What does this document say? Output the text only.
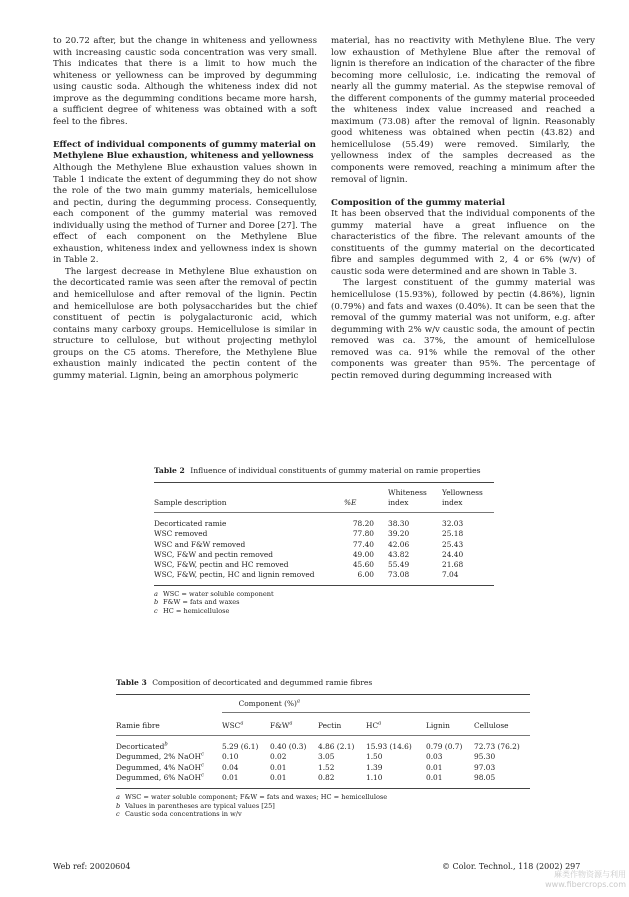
to 20.72 after, but the change in whiteness and yellowness with increasing caustic soda concentration was very small. This indicates that there is a limit to how much the whiteness or yellowness can be improved by degumming using caustic soda. Although the whiteness index did not improve as the degumming conditions became more harsh, a sufficient degree of whiteness was obtained with a soft feel to the fibres.

Effect of individual components of gummy material on Methylene Blue exhaustion, whiteness and yellowness

Although the Methylene Blue exhaustion values shown in Table 1 indicate the extent of degumming they do not show the role of the two main gummy materials, hemicellulose and pectin, during the degumming process. Consequently, each component of the gummy material was removed individually using the method of Turner and Doree [27]. The effect of each component on the Methylene Blue exhaustion, whiteness index and yellowness index is shown in Table 2.

The largest decrease in Methylene Blue exhaustion on the decorticated ramie was seen after the removal of pectin and hemicellulose and after removal of the lignin. Pectin and hemicellulose are both polysaccharides but the chief constituent of pectin is polygalacturonic acid, which contains many carboxy groups. Hemicellulose is similar in structure to cellulose, but without projecting methylol groups on the C5 atoms. Therefore, the Methylene Blue exhaustion mainly indicated the pectin content of the gummy material. Lignin, being an amorphous polymeric

material, has no reactivity with Methylene Blue. The very low exhaustion of Methylene Blue after the removal of lignin is therefore an indication of the character of the fibre becoming more cellulosic, i.e. indicating the removal of nearly all the gummy material. As the stepwise removal of the different components of the gummy material proceeded the whiteness index value increased and reached a maximum (73.08) after the removal of lignin. Reasonably good whiteness was obtained when pectin (43.82) and hemicellulose (55.49) were removed. Similarly, the yellowness index of the samples decreased as the components were removed, reaching a minimum after the removal of lignin.

Composition of the gummy material

It has been observed that the individual components of the gummy material have a great influence on the characteristics of the fibre. The relevant amounts of the constituents of the gummy material on the decorticated fibre and samples degummed with 2, 4 or 6% (w/v) of caustic soda were determined and are shown in Table 3.

The largest constituent of the gummy material was hemicellulose (15.93%), followed by pectin (4.86%), lignin (0.79%) and fats and waxes (0.40%). It can be seen that the removal of the gummy material was not uniform, e.g. after degumming with 2% w/v caustic soda, the amount of pectin removed was ca. 37%, the amount of hemicellulose removed was ca. 91% while the removal of the other components was greater than 95%. The percentage of pectin removed during degumming increased with

Table 2 Influence of individual constituents of gummy material on ramie properties
Sample description	%E	Whiteness index	Yellowness index
Decorticated ramie	78.20	38.30	32.03
WSC removed	77.80	39.20	25.18
WSC and F&W removed	77.40	42.06	25.43
WSC, F&W and pectin removed	49.00	43.82	24.40
WSC, F&W, pectin and HC removed	45.60	55.49	21.68
WSC, F&W, pectin, HC and lignin removed	6.00	73.08	7.04
a WSC = water soluble component
b F&W = fats and waxes
c HC = hemicellulose
Table 3 Composition of decorticated and degummed ramie fibres
	Component (%)$^a$
Ramie fibre	WSC$^a$	$F\&W^a$	Pectin	$HC^a$	Lignin	Cellulose
Decorticated$^b$	5.29 (6.1)	0.40 (0.3)	4.86 (2.1)	15.93 (14.6)	0.79 (0.7)	72.73 (76.2)
Degummed, 2% NaOH$^c$	0.10	0.02	3.05	1.50	0.03	95.30
Degummed, 4% NaOH$^c$	0.04	0.01	1.52	1.39	0.01	97.03
Degummed, 6% NaOH$^c$	0.01	0.01	0.82	1.10	0.01	98.05
a WSC = water soluble component; F&W = fats and waxes; HC = hemicellulose
b Values in parentheses are typical values [25]
c Caustic soda concentrations in w/v
Web ref: 20020604	© Color. Technol., 118 (2002) 297
麻类作物资源与利用
www.fibercrops.com
